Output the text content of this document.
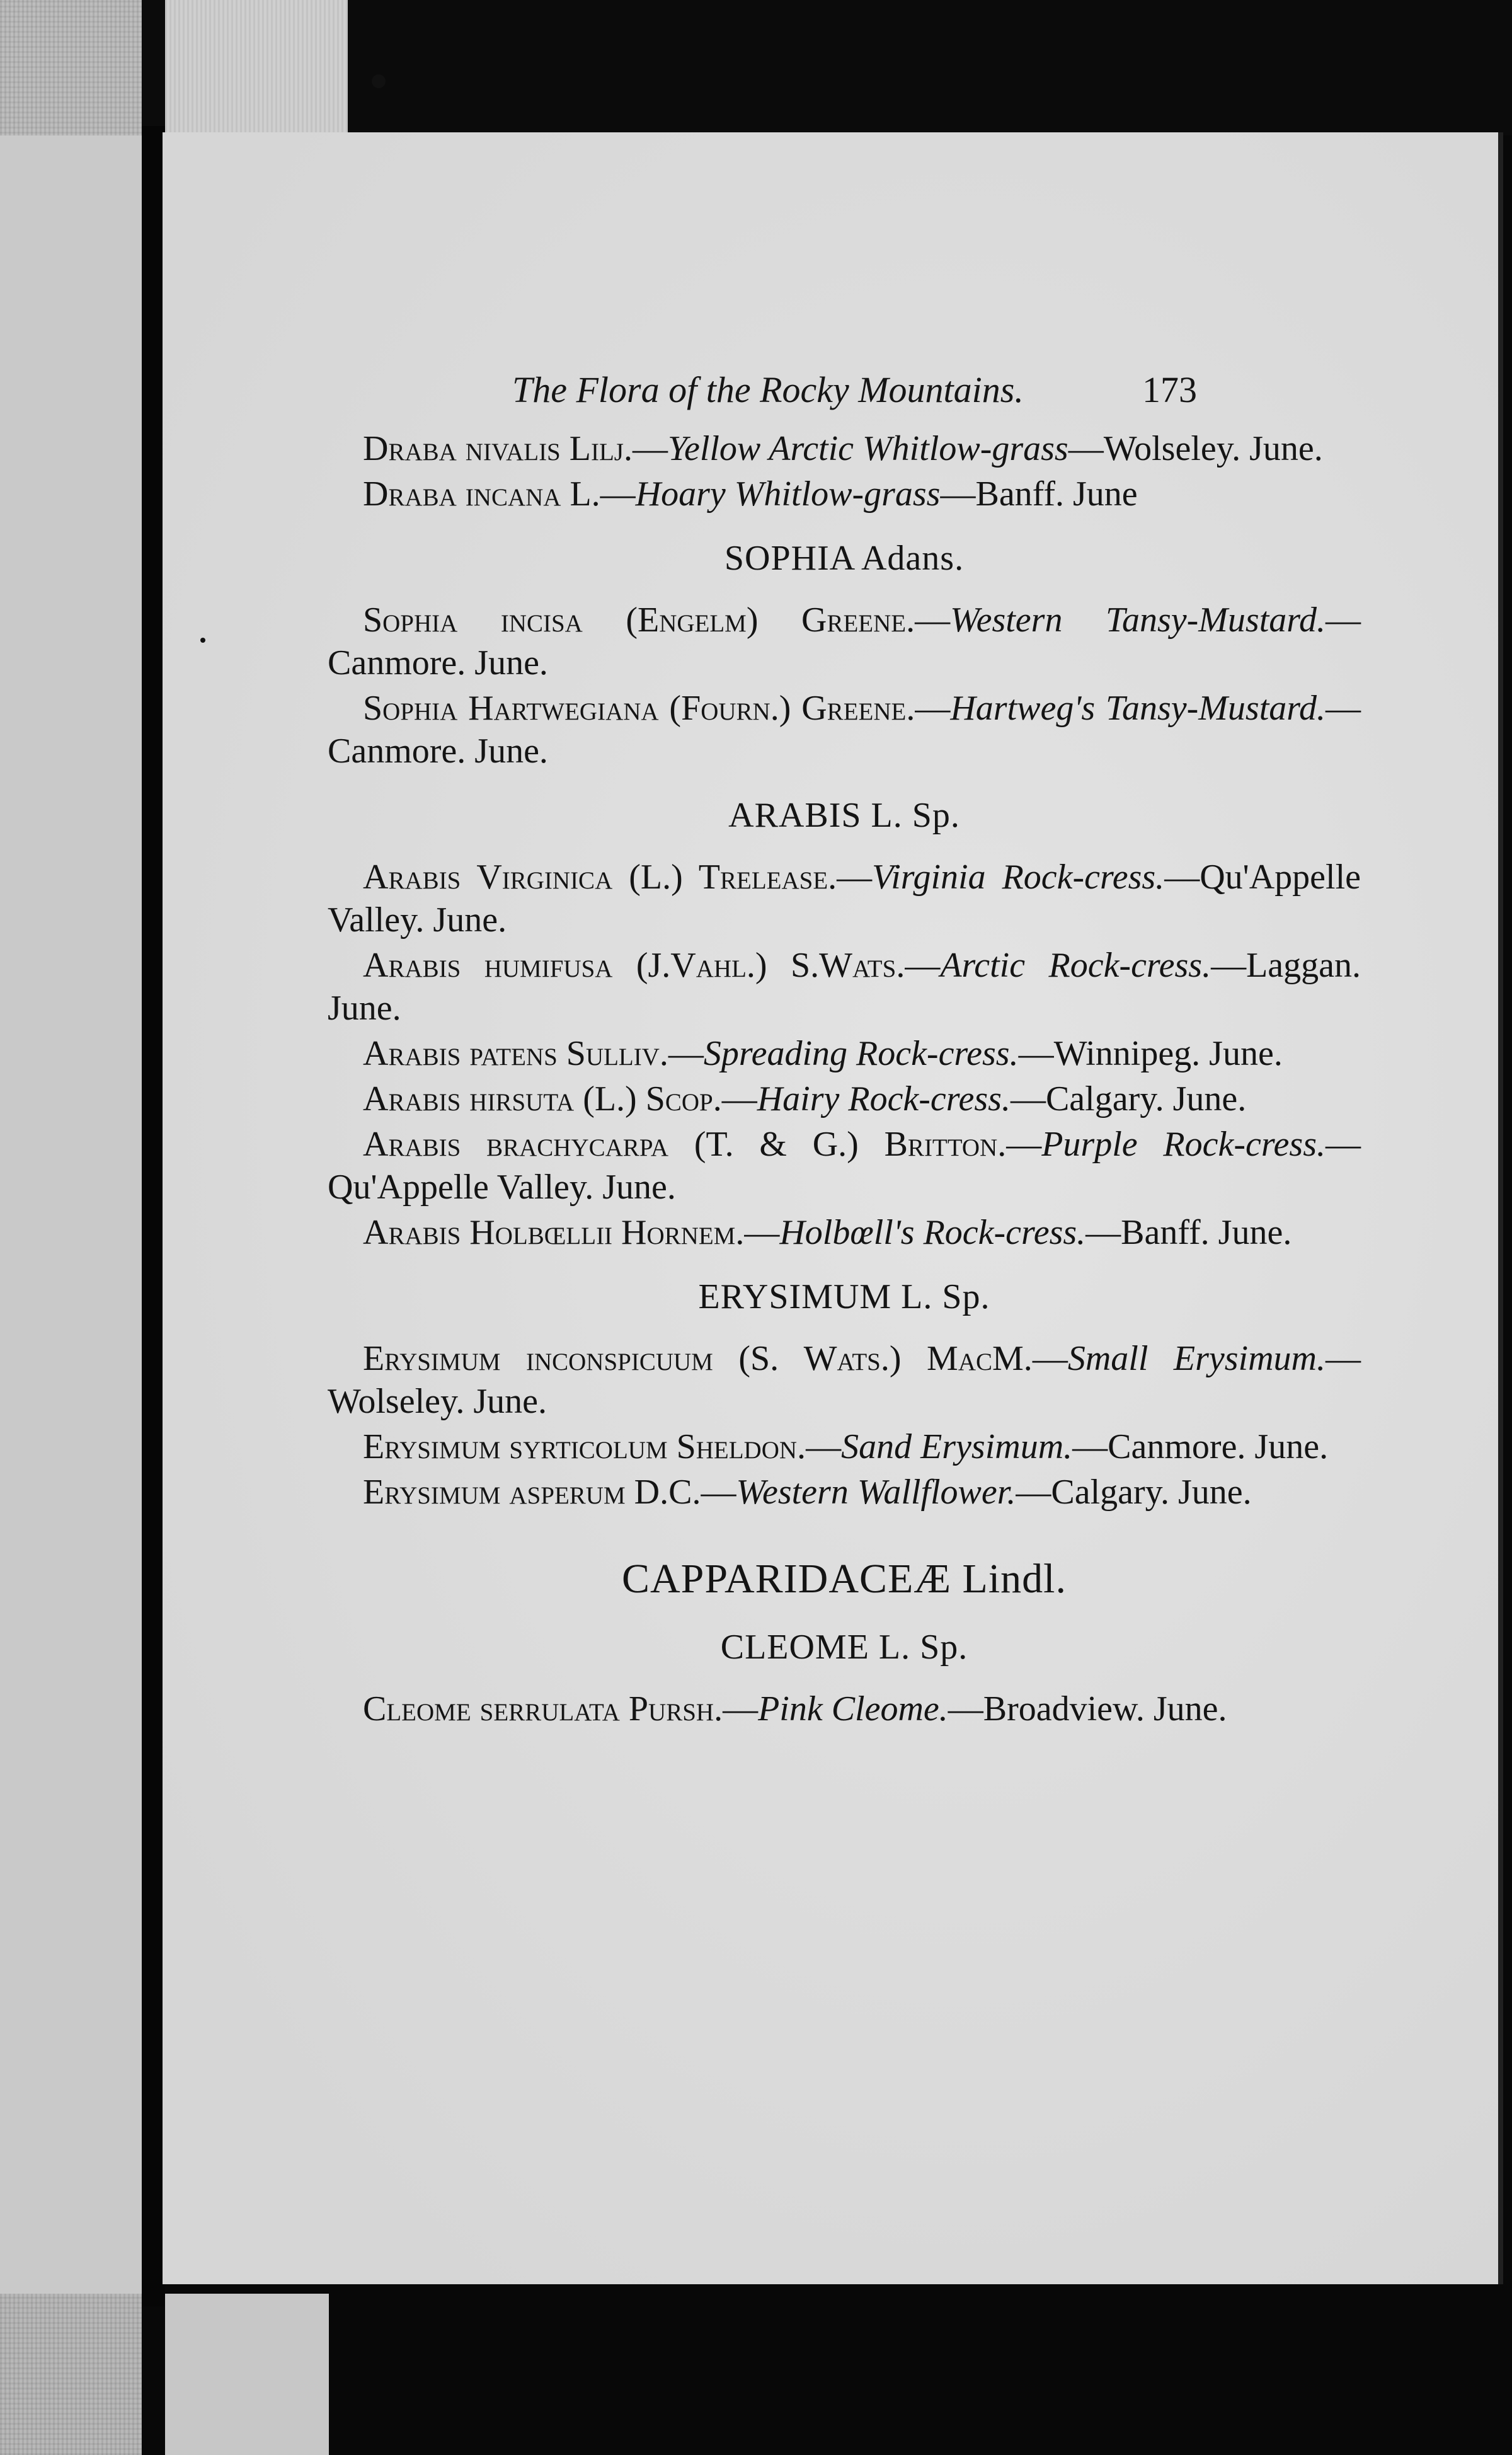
The Flora of the Rocky Mountains.	173
Draba nivalis Lilj.—Yellow Arctic Whitlow-grass—Wolseley. June.
Draba incana L.—Hoary Whitlow-grass—Banff. June
SOPHIA Adans.
Sophia incisa (Engelm) Greene.—Western Tansy-Mustard.—Canmore. June.
Sophia Hartwegiana (Fourn.) Greene.—Hartweg's Tansy-Mustard.—Canmore. June.
ARABIS L. Sp.
Arabis Virginica (L.) Trelease.—Virginia Rock-cress.—Qu'Appelle Valley. June.
Arabis humifusa (J.Vahl.) S.Wats.—Arctic Rock-cress.—Laggan. June.
Arabis patens Sulliv.—Spreading Rock-cress.—Winnipeg. June.
Arabis hirsuta (L.) Scop.—Hairy Rock-cress.—Calgary. June.
Arabis brachycarpa (T. & G.) Britton.—Purple Rock-cress.—Qu'Appelle Valley. June.
Arabis Holbœllii Hornem.—Holbœll's Rock-cress.—Banff. June.
ERYSIMUM L. Sp.
Erysimum inconspicuum (S. Wats.) MacM.—Small Erysimum.—Wolseley. June.
Erysimum syrticolum Sheldon.—Sand Erysimum.—Canmore. June.
Erysimum asperum D.C.—Western Wallflower.—Calgary. June.
CAPPARIDACEÆ Lindl.
CLEOME L. Sp.
Cleome serrulata Pursh.—Pink Cleome.—Broadview. June.
